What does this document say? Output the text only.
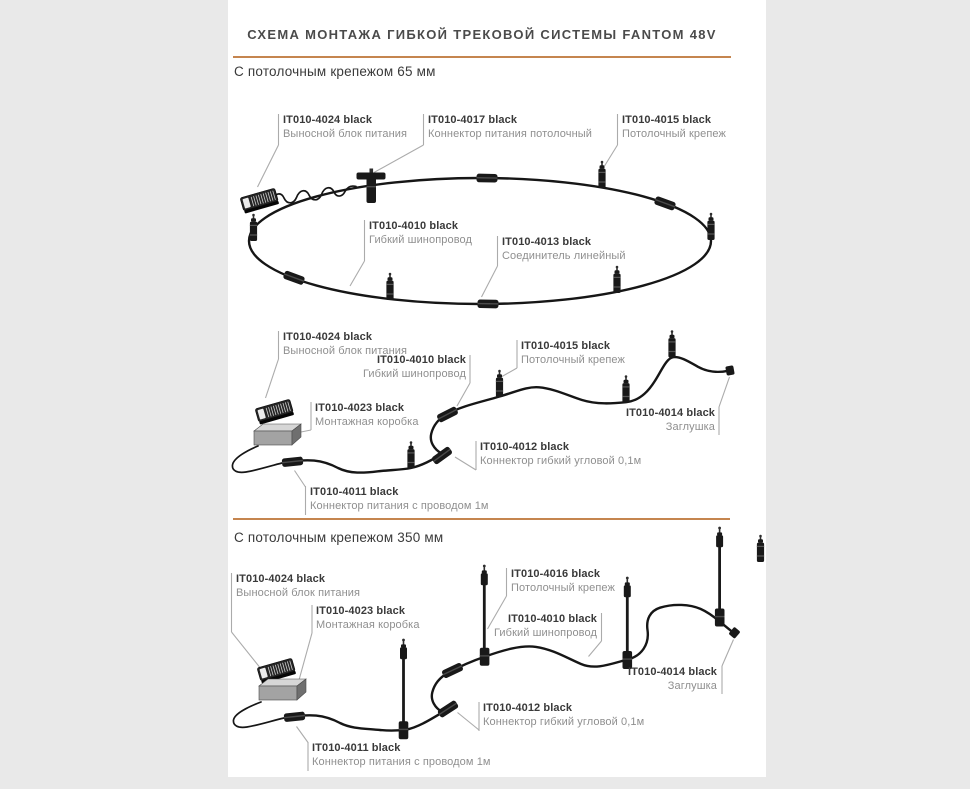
СХЕМА МОНТАЖА ГИБКОЙ ТРЕКОВОЙ СИСТЕМЫ FANTOM 48V
С потолочным крепежом 65 мм
С потолочным крепежом 350 мм
IT010-4024 black
Выносной блок питания
IT010-4017 black
Коннектор питания потолочный
IT010-4015 black
Потолочный крепеж
IT010-4010 black
Гибкий шинопровод	IT010-4013 black
Соединитель линейный
IT010-4024 black
Выносной блок питания
IT010-4010 black
Гибкий шинопровод
IT010-4015 black
Потолочный крепеж
IT010-4023 black
Монтажная коробка
IT010-4014 black
Заглушка
IT010-4012 black
Коннектор гибкий угловой 0,1м
IT010-4011 black
Коннектор питания с проводом 1м
IT010-4024 black
Выносной блок питания
IT010-4023 black
Монтажная коробка
IT010-4016 black
Потолочный крепеж
IT010-4010 black
Гибкий шинопровод
IT010-4014 black
Заглушка
IT010-4012 black
Коннектор гибкий угловой 0,1м
IT010-4011 black
Коннектор питания с проводом 1м
